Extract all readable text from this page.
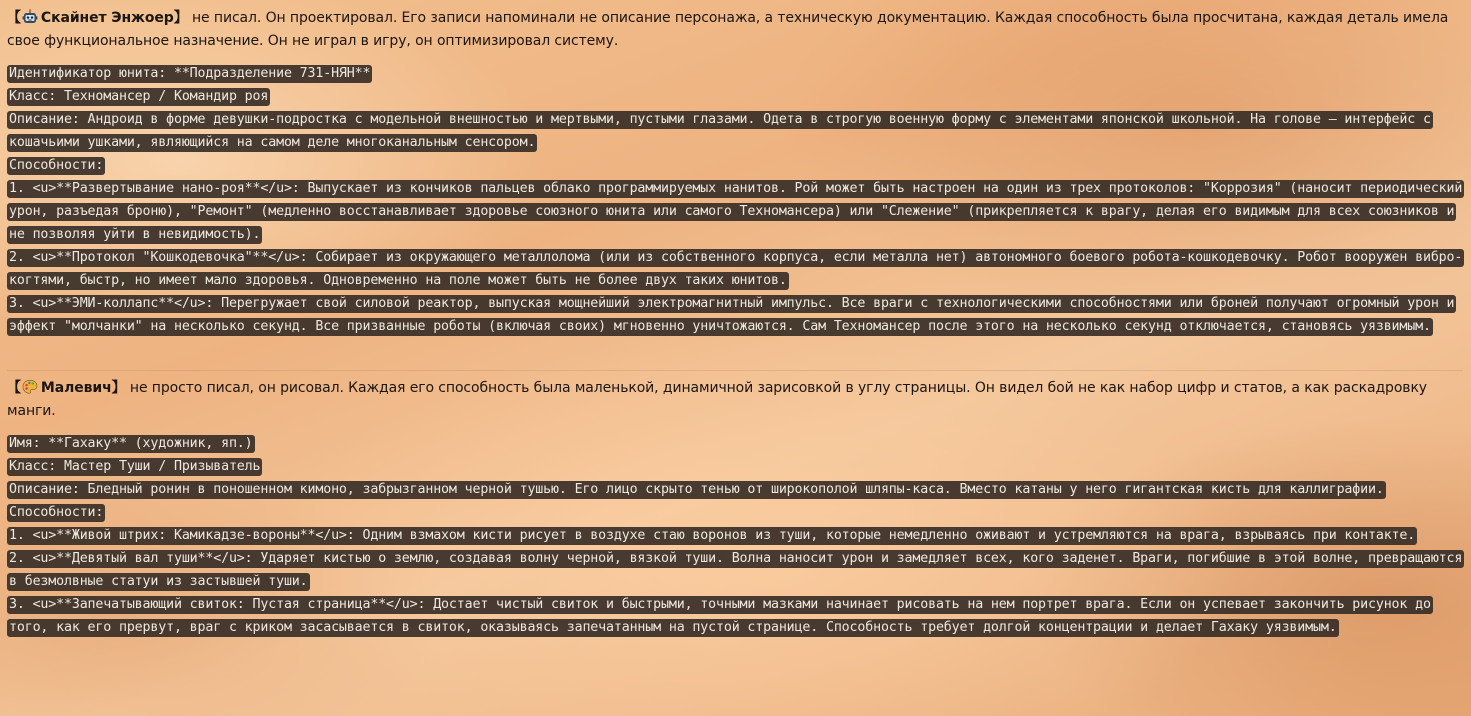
【 Скайнет Энжоер】 не писал. Он проектировал. Его записи напоминали не описание персонажа, а техническую документацию. Каждая способность была просчитана, каждая деталь имела свое функциональное назначение. Он не играл в игру, он оптимизировал систему.

Идентификатор юнита: **Подразделение 731-НЯН**

Класс: Техномансер / Командир роя

Описание: Андроид в форме девушки-подростка с модельной внешностью и мертвыми, пустыми глазами. Одета в строгую военную форму с элементами японской школьной. На голове — интерфейс с кошачьими ушками, являющийся на самом деле многоканальным сенсором.

Способности:

1. <u>**Развертывание нано-роя**</u>: Выпускает из кончиков пальцев облако программируемых нанитов. Рой может быть настроен на один из трех протоколов: "Коррозия" (наносит периодический урон, разъедая броню), "Ремонт" (медленно восстанавливает здоровье союзного юнита или самого Техномансера) или "Слежение" (прикрепляется к врагу, делая его видимым для всех союзников и не позволяя уйти в невидимость).

2. <u>**Протокол "Кошкодевочка"**</u>: Собирает из окружающего металлолома (или из собственного корпуса, если металла нет) автономного боевого робота-кошкодевочку. Робот вооружен вибро-когтями, быстр, но имеет мало здоровья. Одновременно на поле может быть не более двух таких юнитов.

3. <u>**ЭМИ-коллапс**</u>: Перегружает свой силовой реактор, выпуская мощнейший электромагнитный импульс. Все враги с технологическими способностями или броней получают огромный урон и эффект "молчанки" на несколько секунд. Все призванные роботы (включая своих) мгновенно уничтожаются. Сам Техномансер после этого на несколько секунд отключается, становясь уязвимым.

【 Малевич】 не просто писал, он рисовал. Каждая его способность была маленькой, динамичной зарисовкой в углу страницы. Он видел бой не как набор цифр и статов, а как раскадровку манги.

Имя: **Гахаку** (художник, яп.)

Класс: Мастер Туши / Призыватель

Описание: Бледный ронин в поношенном кимоно, забрызганном черной тушью. Его лицо скрыто тенью от широкополой шляпы-каса. Вместо катаны у него гигантская кисть для каллиграфии.

Способности:

1. <u>**Живой штрих: Камикадзе-вороны**</u>: Одним взмахом кисти рисует в воздухе стаю воронов из туши, которые немедленно оживают и устремляются на врага, взрываясь при контакте.

2. <u>**Девятый вал туши**</u>: Ударяет кистью о землю, создавая волну черной, вязкой туши. Волна наносит урон и замедляет всех, кого заденет. Враги, погибшие в этой волне, превращаются в безмолвные статуи из застывшей туши.

3. <u>**Запечатывающий свиток: Пустая страница**</u>: Достает чистый свиток и быстрыми, точными мазками начинает рисовать на нем портрет врага. Если он успевает закончить рисунок до того, как его прервут, враг с криком засасывается в свиток, оказываясь запечатанным на пустой странице. Способность требует долгой концентрации и делает Гахаку уязвимым.
